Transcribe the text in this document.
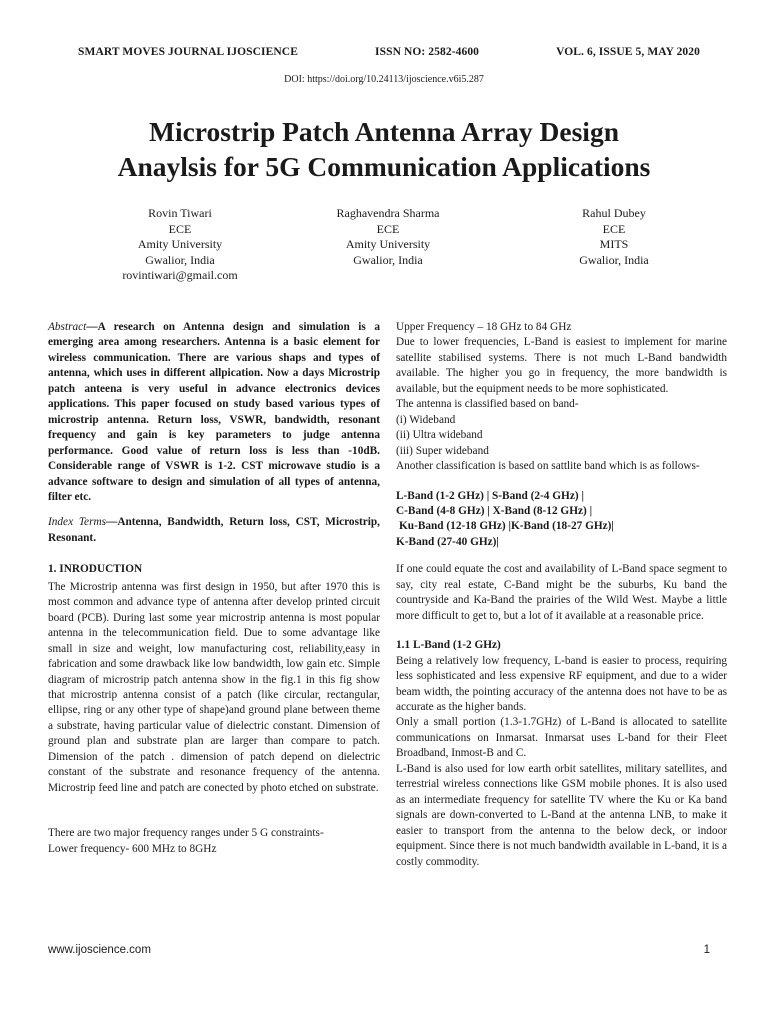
SMART MOVES JOURNAL IJOSCIENCE	ISSN NO: 2582-4600	VOL. 6, ISSUE 5, MAY 2020
DOI: https://doi.org/10.24113/ijoscience.v6i5.287
Microstrip Patch Antenna Array Design
Anaylsis for 5G Communication Applications
Rovin Tiwari
ECE
Amity University
Gwalior, India
rovintiwari@gmail.com
Raghavendra Sharma
ECE
Amity University
Gwalior, India
Rahul Dubey
ECE
MITS
Gwalior, India

Abstract—A research on Antenna design and simulation is a emerging area among researchers. Antenna is a basic element for wireless communication. There are various shaps and types of antenna, which uses in different allpication. Now a days Microstrip patch anteena is very useful in advance electronics devices applications. This paper focused on study based various types of microstrip antenna. Return loss, VSWR, bandwidth, resonant frequency and gain is key parameters to judge antenna performance. Good value of return loss is less than -10dB. Considerable range of VSWR is 1-2. CST microwave studio is a advance software to design and simulation of all types of antenna, filter etc.

Index Terms—Antenna, Bandwidth, Return loss, CST, Microstrip, Resonant.

1. INRODUCTION

The Microstrip antenna was first design in 1950, but after 1970 this is most common and advance type of antenna after develop printed circuit board (PCB). During last some year microstrip antenna is most popular antenna in the telecommunication field. Due to some advantage like small in size and weight, low manufacturing cost, reliability,easy in fabrication and some drawback like low bandwidth, low gain etc. Simple diagram of microstrip patch antenna show in the fig.1 in this fig show that microstrip antenna consist of a patch (like circular, rectangular, ellipse, ring or any other type of shape)and ground plane between theme a substrate, having particular value of dielectric constant. Dimension of ground plan and substrate plan are larger than compare to patch. Dimension of the patch . dimension of patch depend on dielectric constant of the substrate and resonance frequency of the antenna. Microstrip feed line and patch are conected by photo etched on substrate.

There are two major frequency ranges under 5 G constraints-

Lower frequency- 600 MHz to 8GHz

Upper Frequency – 18 GHz to 84 GHz

Due to lower frequencies, L-Band is easiest to implement for marine satellite stabilised systems. There is not much L-Band bandwidth available. The higher you go in frequency, the more bandwidth is available, but the equipment needs to be more sophisticated.

The antenna is classified based on band-

(i) Wideband

(ii) Ultra wideband

(iii) Super wideband

Another classification is based on sattlite band which is as follows-

L-Band (1-2 GHz) | S-Band (2-4 GHz) |
C-Band (4-8 GHz) | X-Band (8-12 GHz) |
Ku-Band (12-18 GHz) |K-Band (18-27 GHz)|
K-Band (27-40 GHz)|

If one could equate the cost and availability of L-Band space segment to say, city real estate, C-Band might be the suburbs, Ku band the countryside and Ka-Band the prairies of the Wild West. Maybe a little more difficult to get to, but a lot of it available at a reasonable price.

1.1 L-Band (1-2 GHz)

Being a relatively low frequency, L-band is easier to process, requiring less sophisticated and less expensive RF equipment, and due to a wider beam width, the pointing accuracy of the antenna does not have to be as accurate as the higher bands.

Only a small portion (1.3-1.7GHz) of L-Band is allocated to satellite communications on Inmarsat. Inmarsat uses L-band for their Fleet Broadband, Inmost-B and C.

L-Band is also used for low earth orbit satellites, military satellites, and terrestrial wireless connections like GSM mobile phones. It is also used as an intermediate frequency for satellite TV where the Ku or Ka band signals are down-converted to L-Band at the antenna LNB, to make it easier to transport from the antenna to the below deck, or indoor equipment. Since there is not much bandwidth available in L-band, it is a costly commodity.

www.ijoscience.com	1
